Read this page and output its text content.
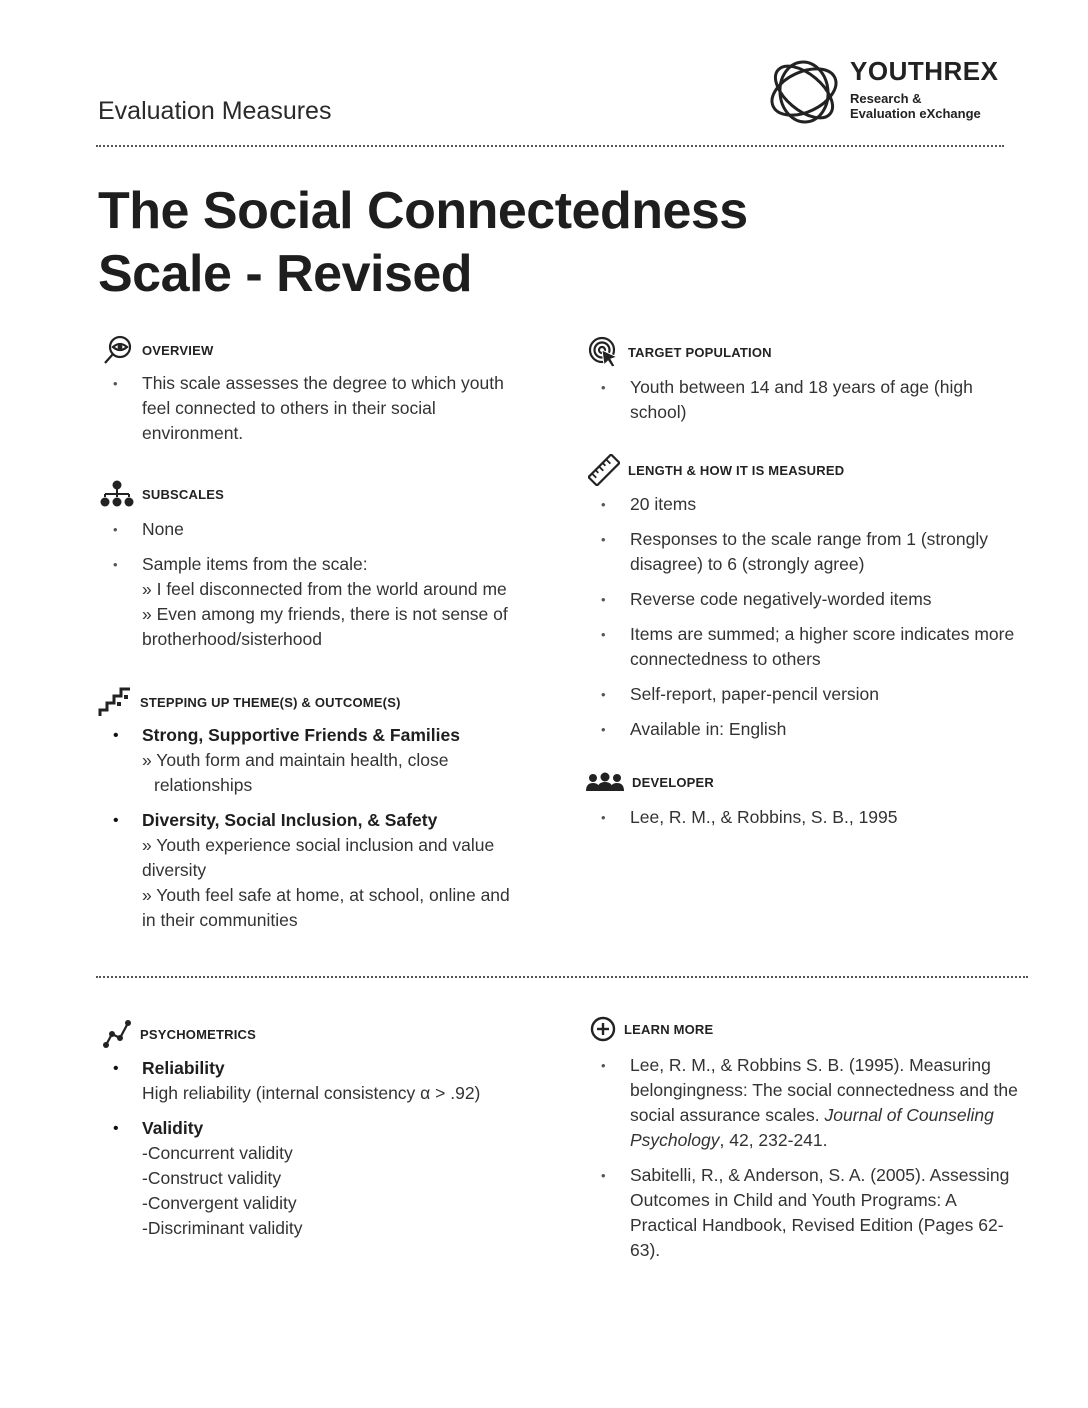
Evaluation Measures
YOUTHREX
Research &
Evaluation eXchange
The Social Connectedness
Scale - Revised
OVERVIEW
• This scale assesses the degree to which youth feel connected to others in their social environment.
SUBSCALES
• None
• Sample items from the scale:
» I feel disconnected from the world around me
» Even among my friends, there is not sense of brotherhood/sisterhood
STEPPING UP THEME(S) & OUTCOME(S)
• Strong, Supportive Friends & Families
» Youth form and maintain health, close relationships
• Diversity, Social Inclusion, & Safety
» Youth experience social inclusion and value diversity
» Youth feel safe at home, at school, online and in their communities
TARGET POPULATION
• Youth between 14 and 18 years of age (high school)
LENGTH & HOW IT IS MEASURED
• 20 items
• Responses to the scale range from 1 (strongly disagree) to 6 (strongly agree)
• Reverse code negatively-worded items
• Items are summed; a higher score indicates more connectedness to others
• Self-report, paper-pencil version
• Available in: English
DEVELOPER
• Lee, R. M., & Robbins, S. B., 1995
PSYCHOMETRICS
• Reliability
High reliability (internal consistency α > .92)
• Validity
-Concurrent validity
-Construct validity
-Convergent validity
-Discriminant validity
LEARN MORE
• Lee, R. M., & Robbins S. B. (1995). Measuring belongingness: The social connectedness and the social assurance scales. Journal of Counseling Psychology, 42, 232-241.
• Sabitelli, R., & Anderson, S. A. (2005). Assessing Outcomes in Child and Youth Programs: A Practical Handbook, Revised Edition (Pages 62-63).
